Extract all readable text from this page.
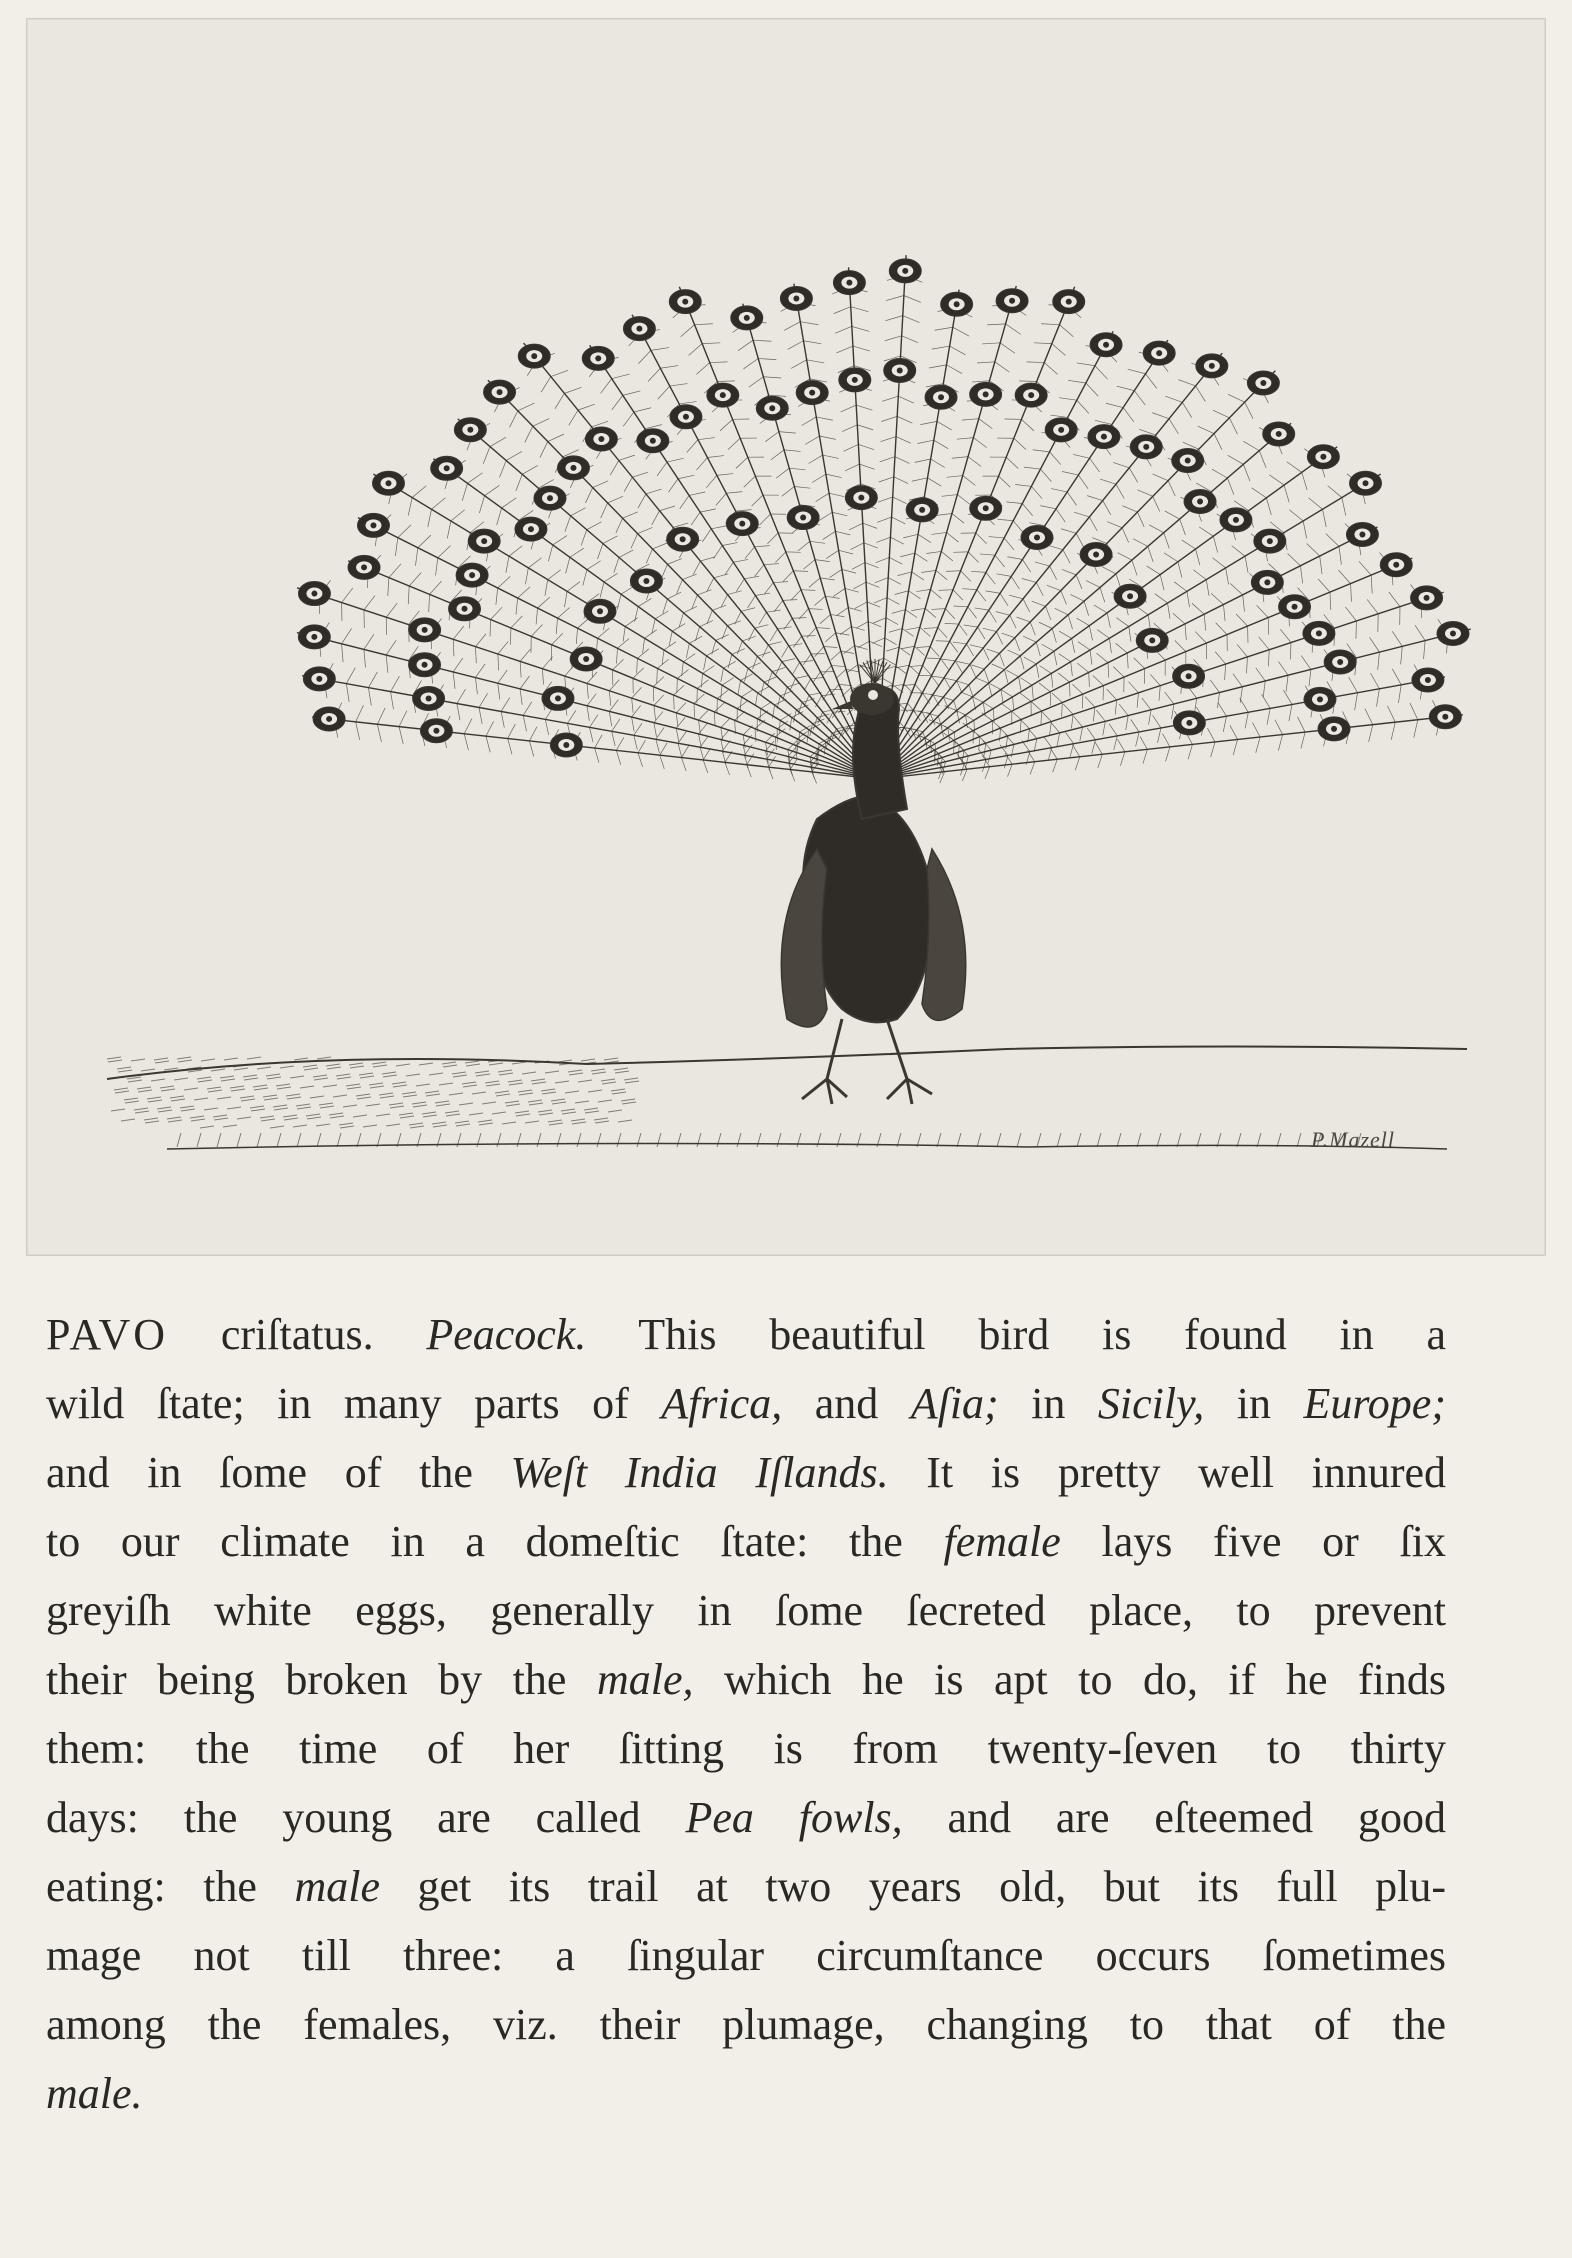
P.Mazell
PAVO criſtatus. Peacock. This beautiful bird is found in a
wild ſtate; in many parts of Africa, and Aſia; in Sicily, in Europe;
and in ſome of the Weſt India Iſlands. It is pretty well innured
to our climate in a domeſtic ſtate: the female lays five or ſix
greyiſh white eggs, generally in ſome ſecreted place, to prevent
their being broken by the male, which he is apt to do, if he finds
them: the time of her ſitting is from twenty-ſeven to thirty
days: the young are called Pea fowls, and are eſteemed good
eating: the male get its trail at two years old, but its full plu-
mage not till three: a ſingular circumſtance occurs ſometimes
among the females, viz. their plumage, changing to that of the
male.
